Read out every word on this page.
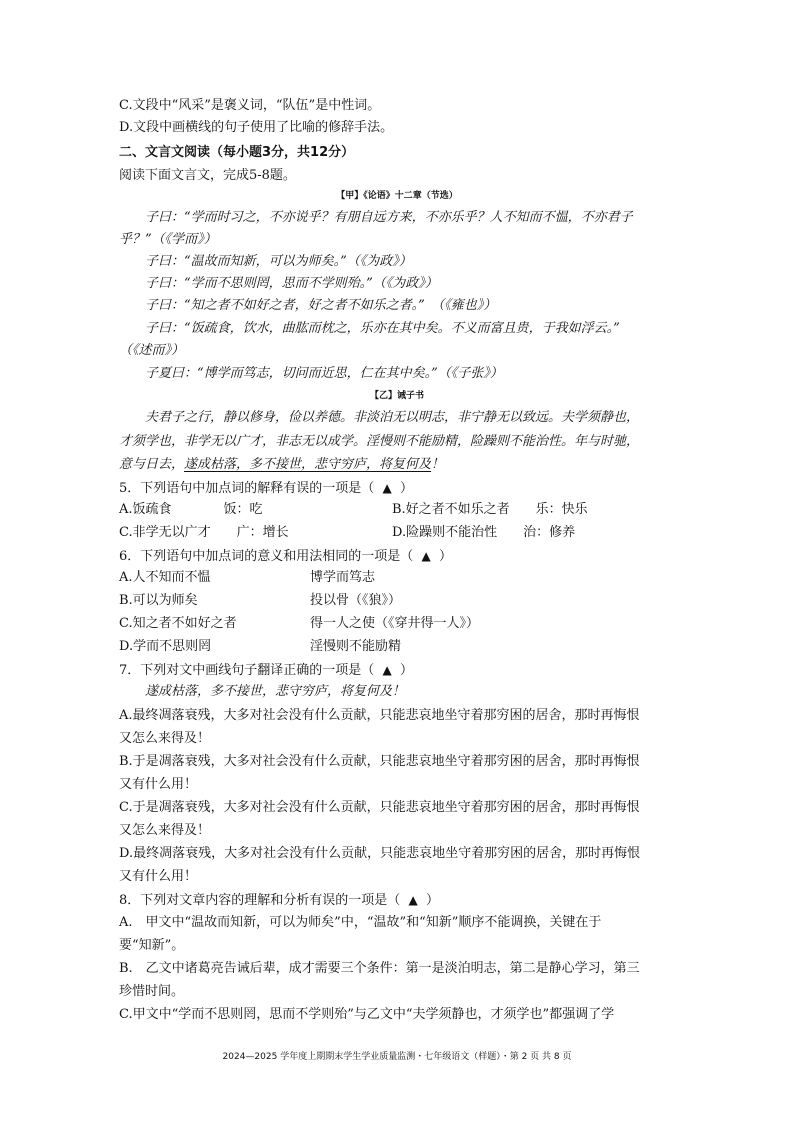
C.文段中“风采”是褒义词，“队伍”是中性词。
D.文段中画横线的句子使用了比喻的修辞手法。
二、文言文阅读（每小题3分，共12分）
阅读下面文言文，完成5-8题。
【甲】《论语》十二章（节选）
子曰：“学而时习之，不亦说乎？有朋自远方来，不亦乐乎？人不知而不愠，不亦君子
乎？”（《学而》）
子曰：“温故而知新，可以为师矣。”（《为政》）
子曰：“学而不思则罔，思而不学则殆。”（《为政》）
子曰：“知之者不如好之者，好之者不如乐之者。”　（《雍也》）
子曰：“饭疏食，饮水，曲肱而枕之，乐亦在其中矣。不义而富且贵，于我如浮云。”
（《述而》）
子夏曰：“博学而笃志，切问而近思，仁在其中矣。”（《子张》）
【乙】诫子书
夫君子之行，静以修身，俭以养德。非淡泊无以明志，非宁静无以致远。夫学须静也，
才须学也，非学无以广才，非志无以成学。淫慢则不能励精，险躁则不能治性。年与时驰，
意与日去，遂成枯落，多不接世，悲守穷庐，将复何及！
5．下列语句中加点词的解释有误的一项是（ ▲ ）
A.饭疏食　　　　饭：吃	B.好之者不如乐之者　　乐：快乐
C.非学无以广才　　广：增长	D.险躁则不能治性　　治：修养
6．下列语句中加点词的意义和用法相同的一项是（ ▲ ）
A.人不知而不愠	博学而笃志
B.可以为师矣	投以骨（《狼》）
C.知之者不如好之者	得一人之使（《穿井得一人》）
D.学而不思则罔	淫慢则不能励精
7．下列对文中画线句子翻译正确的一项是（ ▲ ）
遂成枯落，多不接世，悲守穷庐，将复何及！
A.最终凋落衰残，大多对社会没有什么贡献，只能悲哀地坐守着那穷困的居舍，那时再悔恨
又怎么来得及！
B.于是凋落衰残，大多对社会没有什么贡献，只能悲哀地坐守着那穷困的居舍，那时再悔恨
又有什么用！
C.于是凋落衰残，大多对社会没有什么贡献，只能悲哀地坐守着那穷困的居舍，那时再悔恨
又怎么来得及！
D.最终凋落衰残，大多对社会没有什么贡献，只能悲哀地坐守着那穷困的居舍，那时再悔恨
又有什么用！
8．下列对文章内容的理解和分析有误的一项是（ ▲ ）
A.　甲文中“温故而知新，可以为师矣”中，“温故”和“知新”顺序不能调换，关键在于
要“知新”。
B.　乙文中诸葛亮告诫后辈，成才需要三个条件：第一是淡泊明志，第二是静心学习，第三
珍惜时间。
C.甲文中“学而不思则罔，思而不学则殆”与乙文中“夫学须静也，才须学也”都强调了学
2024—2025 学年度上期期末学生学业质量监测・七年级语文（样题）・第 2 页 共 8 页
